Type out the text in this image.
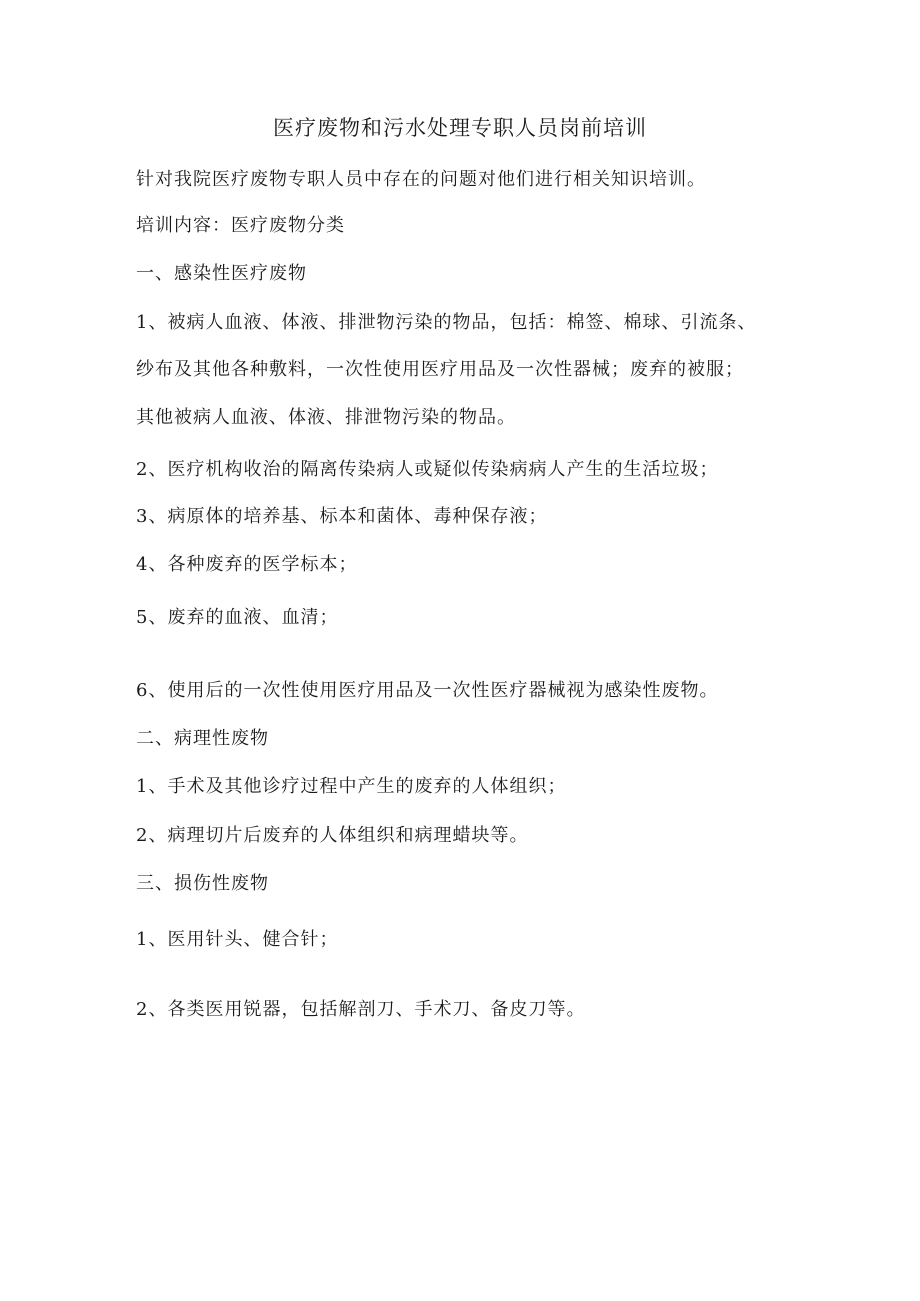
医疗废物和污水处理专职人员岗前培训
针对我院医疗废物专职人员中存在的问题对他们进行相关知识培训。
培训内容：医疗废物分类
一、感染性医疗废物
1、被病人血液、体液、排泄物污染的物品，包括：棉签、棉球、引流条、
纱布及其他各种敷料，一次性使用医疗用品及一次性器械；废弃的被服；
其他被病人血液、体液、排泄物污染的物品。
2、医疗机构收治的隔离传染病人或疑似传染病病人产生的生活垃圾；
3、病原体的培养基、标本和菌体、毒种保存液；
4、各种废弃的医学标本；
5、废弃的血液、血清；
6、使用后的一次性使用医疗用品及一次性医疗器械视为感染性废物。
二、病理性废物
1、手术及其他诊疗过程中产生的废弃的人体组织；
2、病理切片后废弃的人体组织和病理蜡块等。
三、损伤性废物
1、医用针头、健合针；
2、各类医用锐器，包括解剖刀、手术刀、备皮刀等。
